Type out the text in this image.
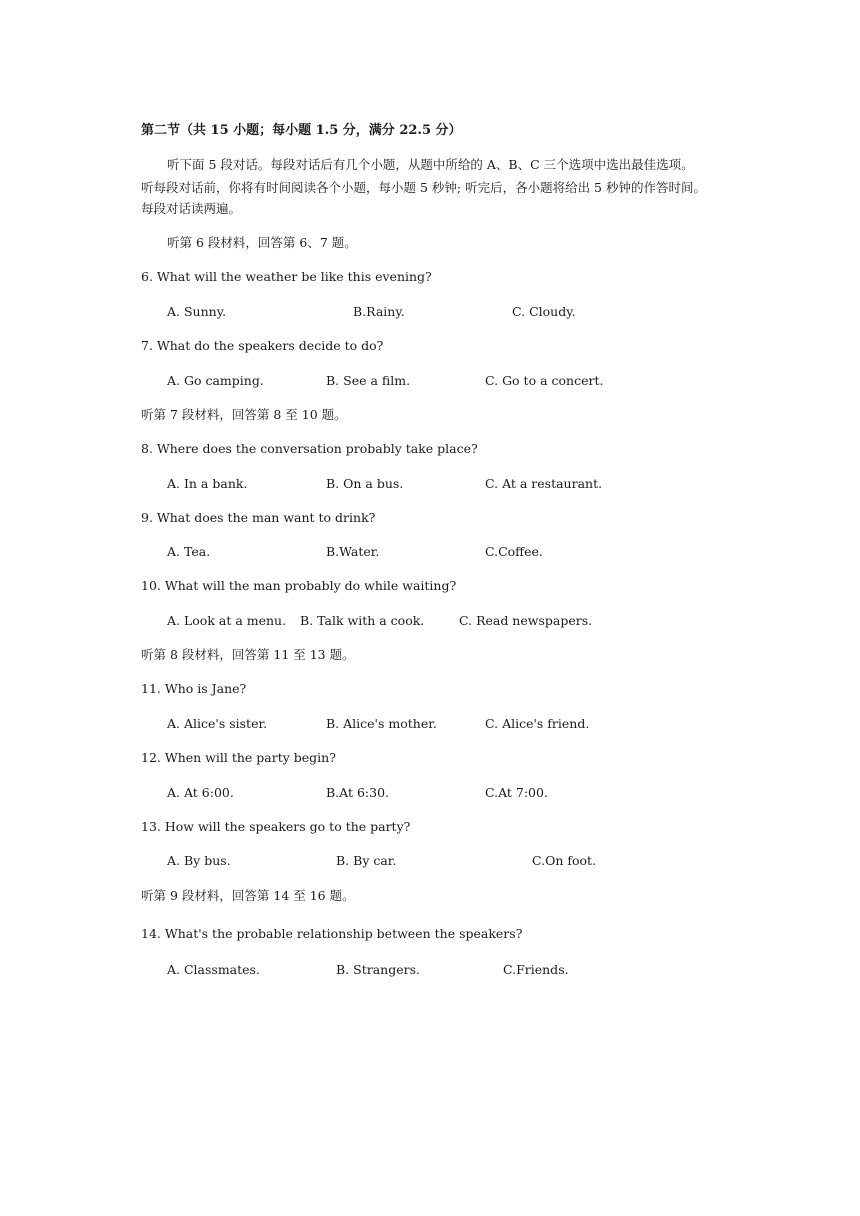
第二节（共 15 小题；每小题 1.5 分，满分 22.5 分）
听下面 5 段对话。每段对话后有几个小题，从题中所给的 A、B、C 三个选项中选出最佳选项。
听每段对话前，你将有时间阅读各个小题，每小题 5 秒钟; 听完后，各小题将给出 5 秒钟的作答时间。
每段对话读两遍。
听第 6 段材料，回答第 6、7 题。
6. What will the weather be like this evening?
A. Sunny.	B.Rainy.	C. Cloudy.
7. What do the speakers decide to do?
A. Go camping.	B. See a film.	C. Go to a concert.
听第 7 段材料，回答第 8 至 10 题。
8. Where does the conversation probably take place?
A. In a bank.	B. On a bus.	C. At a restaurant.
9. What does the man want to drink?
A. Tea.	B.Water.	C.Coffee.
10. What will the man probably do while waiting?
A. Look at a menu. B. Talk with a cook.	C. Read newspapers.
听第 8 段材料，回答第 11 至 13 题。
11. Who is Jane?
A. Alice's sister.	B. Alice's mother.	C. Alice's friend.
12. When will the party begin?
A. At 6:00.	B.At 6:30.	C.At 7:00.
13. How will the speakers go to the party?
A. By bus.	B. By car.	C.On foot.
听第 9 段材料，回答第 14 至 16 题。
14. What's the probable relationship between the speakers?
A. Classmates.	B. Strangers.	C.Friends.
